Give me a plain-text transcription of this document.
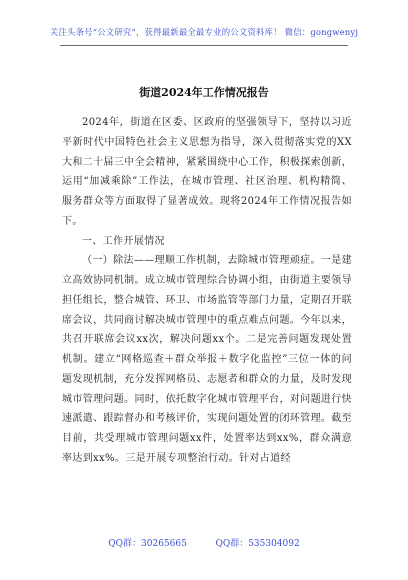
关注头条号“公文研究”，获得最新最全最专业的公文资料库！ 微信：gongwenyj
街道2024年工作情况报告

2024年，街道在区委、区政府的坚强领导下，坚持以习近平新时代中国特色社会主义思想为指导，深入贯彻落实党的XX大和二十届三中全会精神，紧紧围绕中心工作，积极探索创新，运用“加减乘除”工作法，在城市管理、社区治理、机构精简、服务群众等方面取得了显著成效。现将2024年工作情况报告如下。

一、工作开展情况

（一）除法——理顺工作机制，去除城市管理顽症。一是建立高效协同机制。成立城市管理综合协调小组，由街道主要领导担任组长，整合城管、环卫、市场监管等部门力量，定期召开联席会议，共同商讨解决城市管理中的重点难点问题。今年以来，共召开联席会议xx次，解决问题xx个。二是完善问题发现处置机制。建立“网格巡查＋群众举报＋数字化监控”三位一体的问题发现机制，充分发挥网格员、志愿者和群众的力量，及时发现城市管理问题。同时，依托数字化城市管理平台，对问题进行快速派遣、跟踪督办和考核评价，实现问题处置的闭环管理。截至目前，共受理城市管理问题xx件，处置率达到xx%，群众满意率达到xx%。三是开展专项整治行动。针对占道经

QQ群：30265665	QQ群：535304092
